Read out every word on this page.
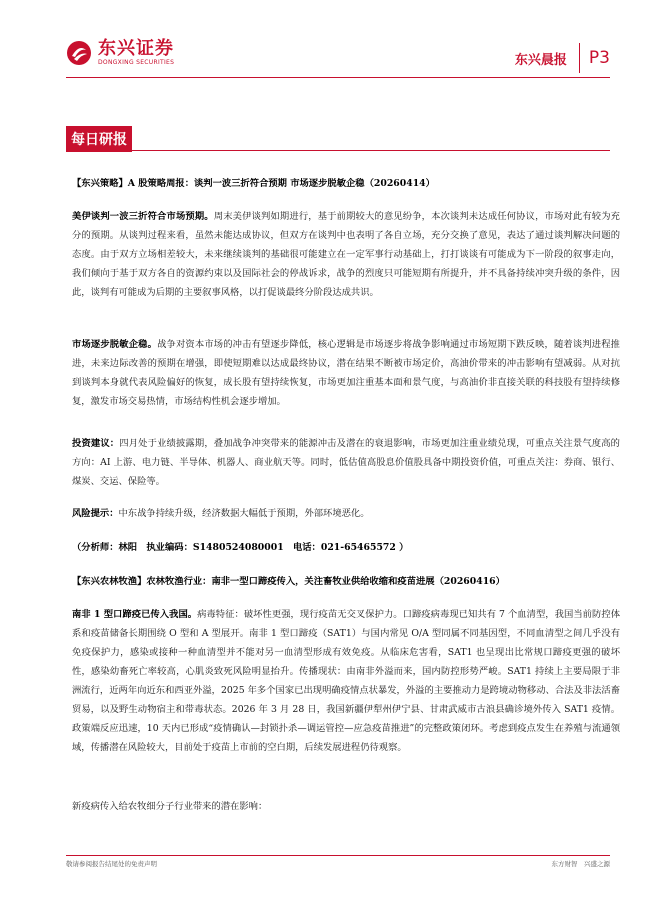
东兴证券
DONGXING SECURITIES	东兴晨报 P3
每日研报
【东兴策略】A 股策略周报：谈判一波三折符合预期 市场逐步脱敏企稳（20260414）
美伊谈判一波三折符合市场预期。周末美伊谈判如期进行，基于前期较大的意见纷争，本次谈判未达成任何协议，市场对此有较为充分的预期。从谈判过程来看，虽然未能达成协议，但双方在谈判中也表明了各自立场，充分交换了意见，表达了通过谈判解决问题的态度。由于双方立场相差较大，未来继续谈判的基础很可能建立在一定军事行动基础上，打打谈谈有可能成为下一阶段的叙事走向，我们倾向于基于双方各自的资源约束以及国际社会的停战诉求，战争的烈度只可能短期有所提升，并不具备持续冲突升级的条件，因此，谈判有可能成为后期的主要叙事风格，以打促谈最终分阶段达成共识。
市场逐步脱敏企稳。战争对资本市场的冲击有望逐步降低，核心逻辑是市场逐步将战争影响通过市场短期下跌反映，随着谈判进程推进，未来边际改善的预期在增强，即使短期难以达成最终协议，潜在结果不断被市场定价，高油价带来的冲击影响有望减弱。从对抗到谈判本身就代表风险偏好的恢复，成长股有望持续恢复，市场更加注重基本面和景气度，与高油价非直接关联的科技股有望持续修复，激发市场交易热情，市场结构性机会逐步增加。
投资建议：四月处于业绩披露期，叠加战争冲突带来的能源冲击及潜在的衰退影响，市场更加注重业绩兑现，可重点关注景气度高的方向：AI 上游、电力链、半导体、机器人、商业航天等。同时，低估值高股息价值股具备中期投资价值，可重点关注：券商、银行、煤炭、交运、保险等。
风险提示：中东战争持续升级，经济数据大幅低于预期，外部环境恶化。
（分析师：林阳　执业编码：S1480524080001　电话：021-65465572 ）
【东兴农林牧渔】农林牧渔行业：南非一型口蹄疫传入，关注畜牧业供给收缩和疫苗进展（20260416）
南非 1 型口蹄疫已传入我国。病毒特征：破坏性更强，现行疫苗无交叉保护力。口蹄疫病毒现已知共有 7 个血清型，我国当前防控体系和疫苗储备长期围绕 O 型和 A 型展开。南非 1 型口蹄疫（SAT1）与国内常见 O/A 型同属不同基因型，不同血清型之间几乎没有免疫保护力，感染或接种一种血清型并不能对另一血清型形成有效免疫。从临床危害看，SAT1 也呈现出比常规口蹄疫更强的破坏性，感染幼畜死亡率较高，心肌炎致死风险明显抬升。传播现状：由南非外溢而来，国内防控形势严峻。SAT1 持续上主要局限于非洲流行，近两年向近东和西亚外溢，2025 年多个国家已出现明确疫情点状暴发，外溢的主要推动力是跨境动物移动、合法及非法活畜贸易，以及野生动物宿主和带毒状态。2026 年 3 月 28 日，我国新疆伊犁州伊宁县、甘肃武威市古浪县确诊境外传入 SAT1 疫情。政策端反应迅速，10 天内已形成“疫情确认—封锁扑杀—调运管控—应急疫苗推进”的完整政策闭环。考虑到疫点发生在养殖与流通领域，传播潜在风险较大，目前处于疫苗上市前的空白期，后续发展进程仍待观察。
新疫病传入给农牧细分子行业带来的潜在影响：
敬请参阅报告结尾处的免责声明	东方财智　兴盛之源
